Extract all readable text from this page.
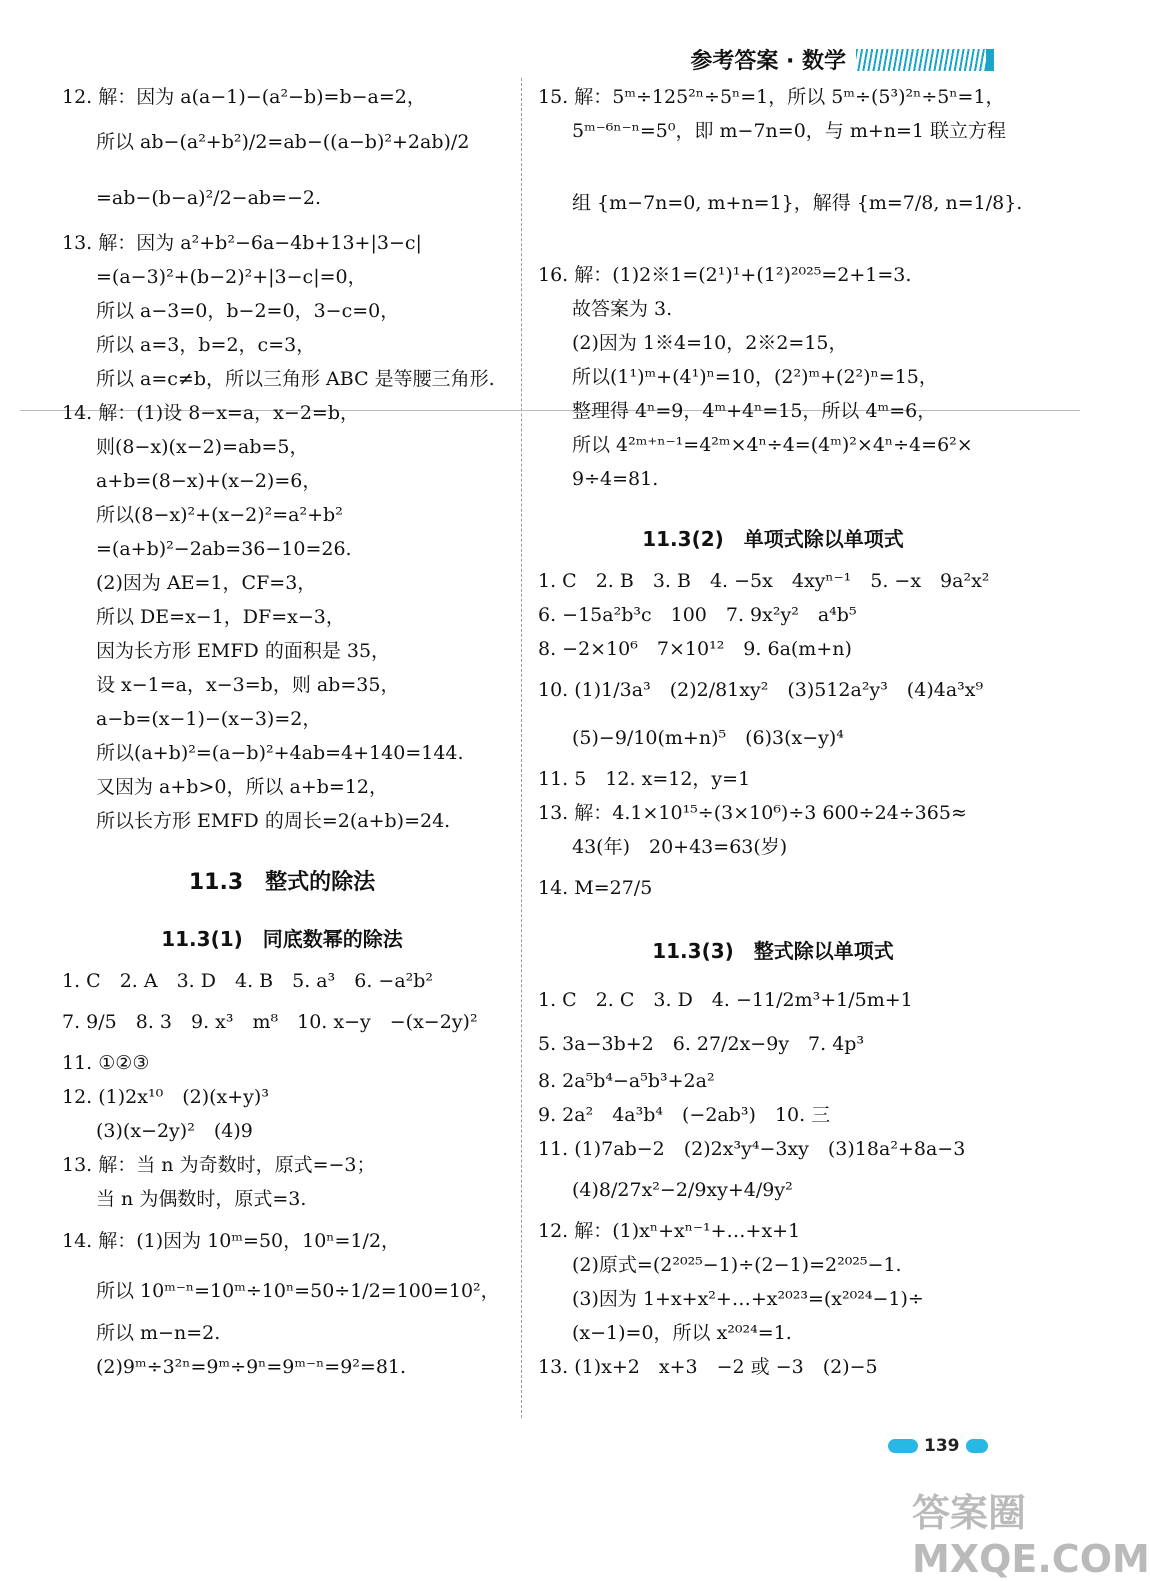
参考答案 · 数学
12. 解：因为 a(a−1)−(a²−b)=b−a=2，
所以 ab−(a²+b²)/2=ab−((a−b)²+2ab)/2
=ab−(b−a)²/2−ab=−2.
13. 解：因为 a²+b²−6a−4b+13+|3−c|
=(a−3)²+(b−2)²+|3−c|=0，
所以 a−3=0，b−2=0，3−c=0，
所以 a=3，b=2，c=3，
所以 a=c≠b，所以三角形 ABC 是等腰三角形.
14. 解：(1)设 8−x=a，x−2=b，
则(8−x)(x−2)=ab=5，
a+b=(8−x)+(x−2)=6，
所以(8−x)²+(x−2)²=a²+b²
=(a+b)²−2ab=36−10=26.
(2)因为 AE=1，CF=3，
所以 DE=x−1，DF=x−3，
因为长方形 EMFD 的面积是 35，
设 x−1=a，x−3=b，则 ab=35，
a−b=(x−1)−(x−3)=2，
所以(a+b)²=(a−b)²+4ab=4+140=144.
又因为 a+b>0，所以 a+b=12，
所以长方形 EMFD 的周长=2(a+b)=24.
11.3　整式的除法
11.3(1)　同底数幂的除法
1. C　2. A　3. D　4. B　5. a³　6. −a²b²
7. 9/5　8. 3　9. x³　m⁸　10. x−y　−(x−2y)²
11. ①②③
12. (1)2x¹⁰　(2)(x+y)³
(3)(x−2y)²　(4)9
13. 解：当 n 为奇数时，原式=−3；
当 n 为偶数时，原式=3.
14. 解：(1)因为 10ᵐ=50，10ⁿ=1/2，
所以 10ᵐ⁻ⁿ=10ᵐ÷10ⁿ=50÷1/2=100=10²，
所以 m−n=2.
(2)9ᵐ÷3²ⁿ=9ᵐ÷9ⁿ=9ᵐ⁻ⁿ=9²=81.
15. 解：5ᵐ÷125²ⁿ÷5ⁿ=1，所以 5ᵐ÷(5³)²ⁿ÷5ⁿ=1，
5ᵐ⁻⁶ⁿ⁻ⁿ=5⁰，即 m−7n=0，与 m+n=1 联立方程
组 {m−7n=0, m+n=1}，解得 {m=7/8, n=1/8}.
16. 解：(1)2※1=(2¹)¹+(1²)²⁰²⁵=2+1=3.
故答案为 3.
(2)因为 1※4=10，2※2=15，
所以(1¹)ᵐ+(4¹)ⁿ=10，(2²)ᵐ+(2²)ⁿ=15，
整理得 4ⁿ=9，4ᵐ+4ⁿ=15，所以 4ᵐ=6，
所以 4²ᵐ⁺ⁿ⁻¹=4²ᵐ×4ⁿ÷4=(4ᵐ)²×4ⁿ÷4=6²×
9÷4=81.
11.3(2)　单项式除以单项式
1. C　2. B　3. B　4. −5x　4xyⁿ⁻¹　5. −x　9a²x²
6. −15a²b³c　100　7. 9x²y²　a⁴b⁵
8. −2×10⁶　7×10¹²　9. 6a(m+n)
10. (1)1/3a³　(2)2/81xy²　(3)512a²y³　(4)4a³x⁹
(5)−9/10(m+n)⁵　(6)3(x−y)⁴
11. 5　12. x=12，y=1
13. 解：4.1×10¹⁵÷(3×10⁶)÷3 600÷24÷365≈
43(年)　20+43=63(岁)
14. M=27/5
11.3(3)　整式除以单项式
1. C　2. C　3. D　4. −11/2m³+1/5m+1
5. 3a−3b+2　6. 27/2x−9y　7. 4p³
8. 2a⁵b⁴−a⁵b³+2a²
9. 2a²　4a³b⁴　(−2ab³)　10. 三
11. (1)7ab−2　(2)2x³y⁴−3xy　(3)18a²+8a−3
(4)8/27x²−2/9xy+4/9y²
12. 解：(1)xⁿ+xⁿ⁻¹+…+x+1
(2)原式=(2²⁰²⁵−1)÷(2−1)=2²⁰²⁵−1.
(3)因为 1+x+x²+…+x²⁰²³=(x²⁰²⁴−1)÷
(x−1)=0，所以 x²⁰²⁴=1.
13. (1)x+2　x+3　−2 或 −3　(2)−5
139
答案圈 MXQE.COM
